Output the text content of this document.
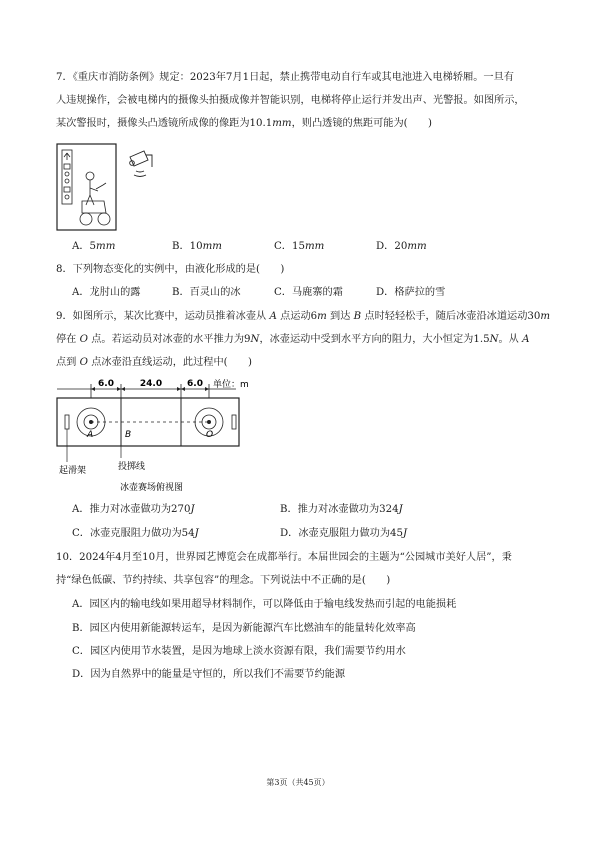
7．《重庆市消防条例》规定：2023年7月1日起，禁止携带电动自行车或其电池进入电梯轿厢。一旦有
人违规操作，会被电梯内的摄像头拍摄成像并智能识别，电梯将停止运行并发出声、光警报。如图所示，
某次警报时，摄像头凸透镜所成像的像距为10.1mm，则凸透镜的焦距可能为(　　)
A．5mm	B．10mm	C．15mm	D．20mm
8．下列物态变化的实例中，由液化形成的是(　　)
A．龙肘山的露	B．百灵山的冰	C．马鹿寨的霜	D．格萨拉的雪
9．如图所示，某次比赛中，运动员推着冰壶从 A 点运动6m 到达 B 点时轻轻松手，随后冰壶沿冰道运动30m
停在 O 点。若运动员对冰壶的水平推力为9N，冰壶运动中受到水平方向的阻力，大小恒定为1.5N。从 A
点到 O 点冰壶沿直线运动，此过程中(　　)
6.0	24.0	6.0 单位：m
A	B	O
起滑架	投掷线
冰壶赛场俯视图
A．推力对冰壶做功为270J	B．推力对冰壶做功为324J
C．冰壶克服阻力做功为54J	D．冰壶克服阻力做功为45J
10．2024年4月至10月，世界园艺博览会在成都举行。本届世园会的主题为“公园城市美好人居”，秉
持“绿色低碳、节约持续、共享包容”的理念。下列说法中不正确的是(　　)
A．园区内的输电线如果用超导材料制作，可以降低由于输电线发热而引起的电能损耗
B．园区内使用新能源转运车，是因为新能源汽车比燃油车的能量转化效率高
C．园区内使用节水装置，是因为地球上淡水资源有限，我们需要节约用水
D．因为自然界中的能量是守恒的，所以我们不需要节约能源
第3页（共45页）
